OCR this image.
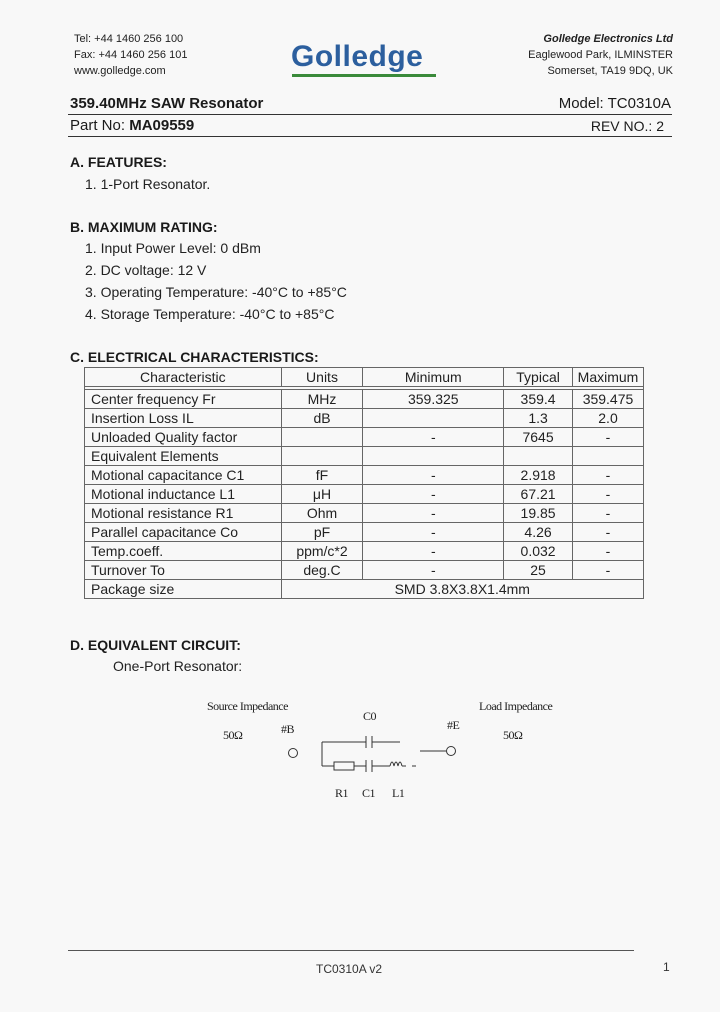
Tel: +44 1460 256 100
Fax: +44 1460 256 101
www.golledge.com	Golledge
Golledge Electronics Ltd
Eaglewood Park, ILMINSTER
Somerset, TA19 9DQ, UK
359.40MHz SAW Resonator	Model: TC0310A
Part No: MA09559	REV NO.: 2
A. FEATURES:
1. 1-Port Resonator.
B. MAXIMUM RATING:
1. Input Power Level: 0 dBm
2. DC voltage: 12 V
3. Operating Temperature: -40°C to +85°C
4. Storage Temperature: -40°C to +85°C
C. ELECTRICAL CHARACTERISTICS:
Characteristic	Units	Minimum	Typical	Maximum

Center frequency Fr	MHz	359.325	359.4	359.475
Insertion Loss IL	dB		1.3	2.0
Unloaded Quality factor		-	7645	-
Equivalent Elements				
Motional capacitance C1	fF	-	2.918	-
Motional inductance L1	μH	-	67.21	-
Motional resistance R1	Ohm	-	19.85	-
Parallel capacitance Co	pF	-	4.26	-
Temp.coeff.	ppm/c*2	-	0.032	-
Turnover To	deg.C	-	25	-
Package size	SMD 3.8X3.8X1.4mm			
D. EQUIVALENT CIRCUIT:
One-Port Resonator:
Source Impedance
50Ω
Load Impedance
50Ω
C0
#B	#E
R1 C1 L1
TC0310A v2	1
